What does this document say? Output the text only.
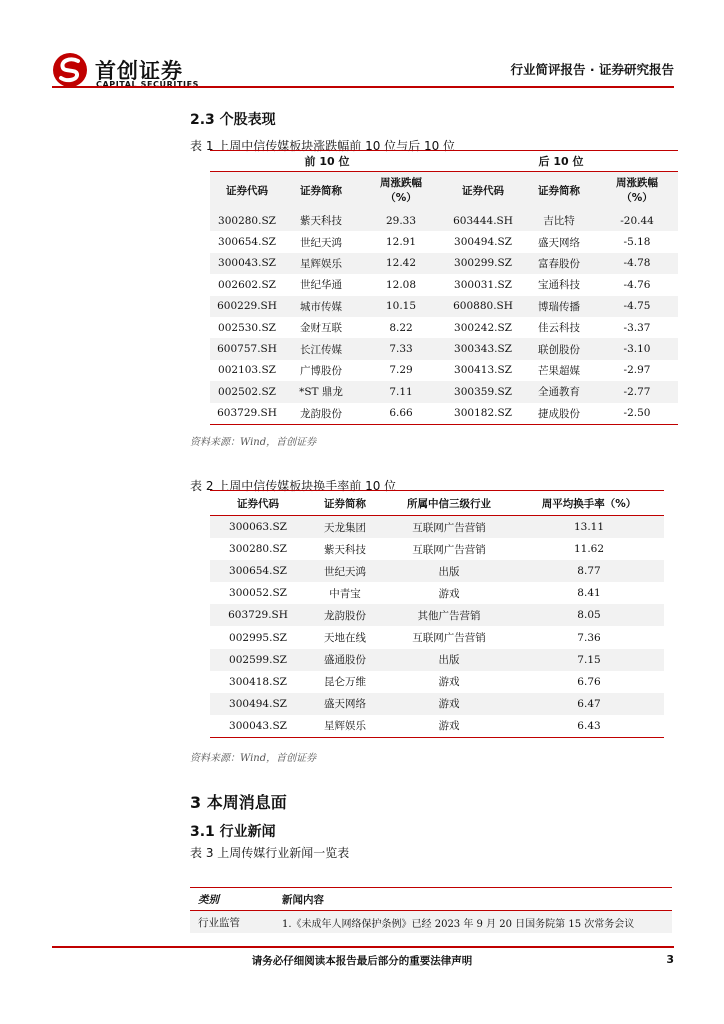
首创证券
CAPITAL SECURITIES
行业简评报告 · 证券研究报告
2.3 个股表现
表 1 上周中信传媒板块涨跌幅前 10 位与后 10 位
前 10 位			后 10 位		
证券代码	证券简称	周涨跌幅（%）	证券代码	证券简称	周涨跌幅（%）
300280.SZ	紫天科技	29.33	603444.SH	吉比特	-20.44
300654.SZ	世纪天鸿	12.91	300494.SZ	盛天网络	-5.18
300043.SZ	星辉娱乐	12.42	300299.SZ	富春股份	-4.78
002602.SZ	世纪华通	12.08	300031.SZ	宝通科技	-4.76
600229.SH	城市传媒	10.15	600880.SH	博瑞传播	-4.75
002530.SZ	金财互联	8.22	300242.SZ	佳云科技	-3.37
600757.SH	长江传媒	7.33	300343.SZ	联创股份	-3.10
002103.SZ	广博股份	7.29	300413.SZ	芒果超媒	-2.97
002502.SZ	*ST 鼎龙	7.11	300359.SZ	全通教育	-2.77
603729.SH	龙韵股份	6.66	300182.SZ	捷成股份	-2.50
资料来源：Wind，首创证券
表 2 上周中信传媒板块换手率前 10 位
证券代码	证券简称	所属中信三级行业	周平均换手率（%）
300063.SZ	天龙集团	互联网广告营销	13.11
300280.SZ	紫天科技	互联网广告营销	11.62
300654.SZ	世纪天鸿	出版	8.77
300052.SZ	中青宝	游戏	8.41
603729.SH	龙韵股份	其他广告营销	8.05
002995.SZ	天地在线	互联网广告营销	7.36
002599.SZ	盛通股份	出版	7.15
300418.SZ	昆仑万维	游戏	6.76
300494.SZ	盛天网络	游戏	6.47
300043.SZ	星辉娱乐	游戏	6.43
资料来源：Wind，首创证券
3 本周消息面
3.1 行业新闻
表 3 上周传媒行业新闻一览表
类别	新闻内容
行业监管	1.《未成年人网络保护条例》已经 2023 年 9 月 20 日国务院第 15 次常务会议
请务必仔细阅读本报告最后部分的重要法律声明	3
